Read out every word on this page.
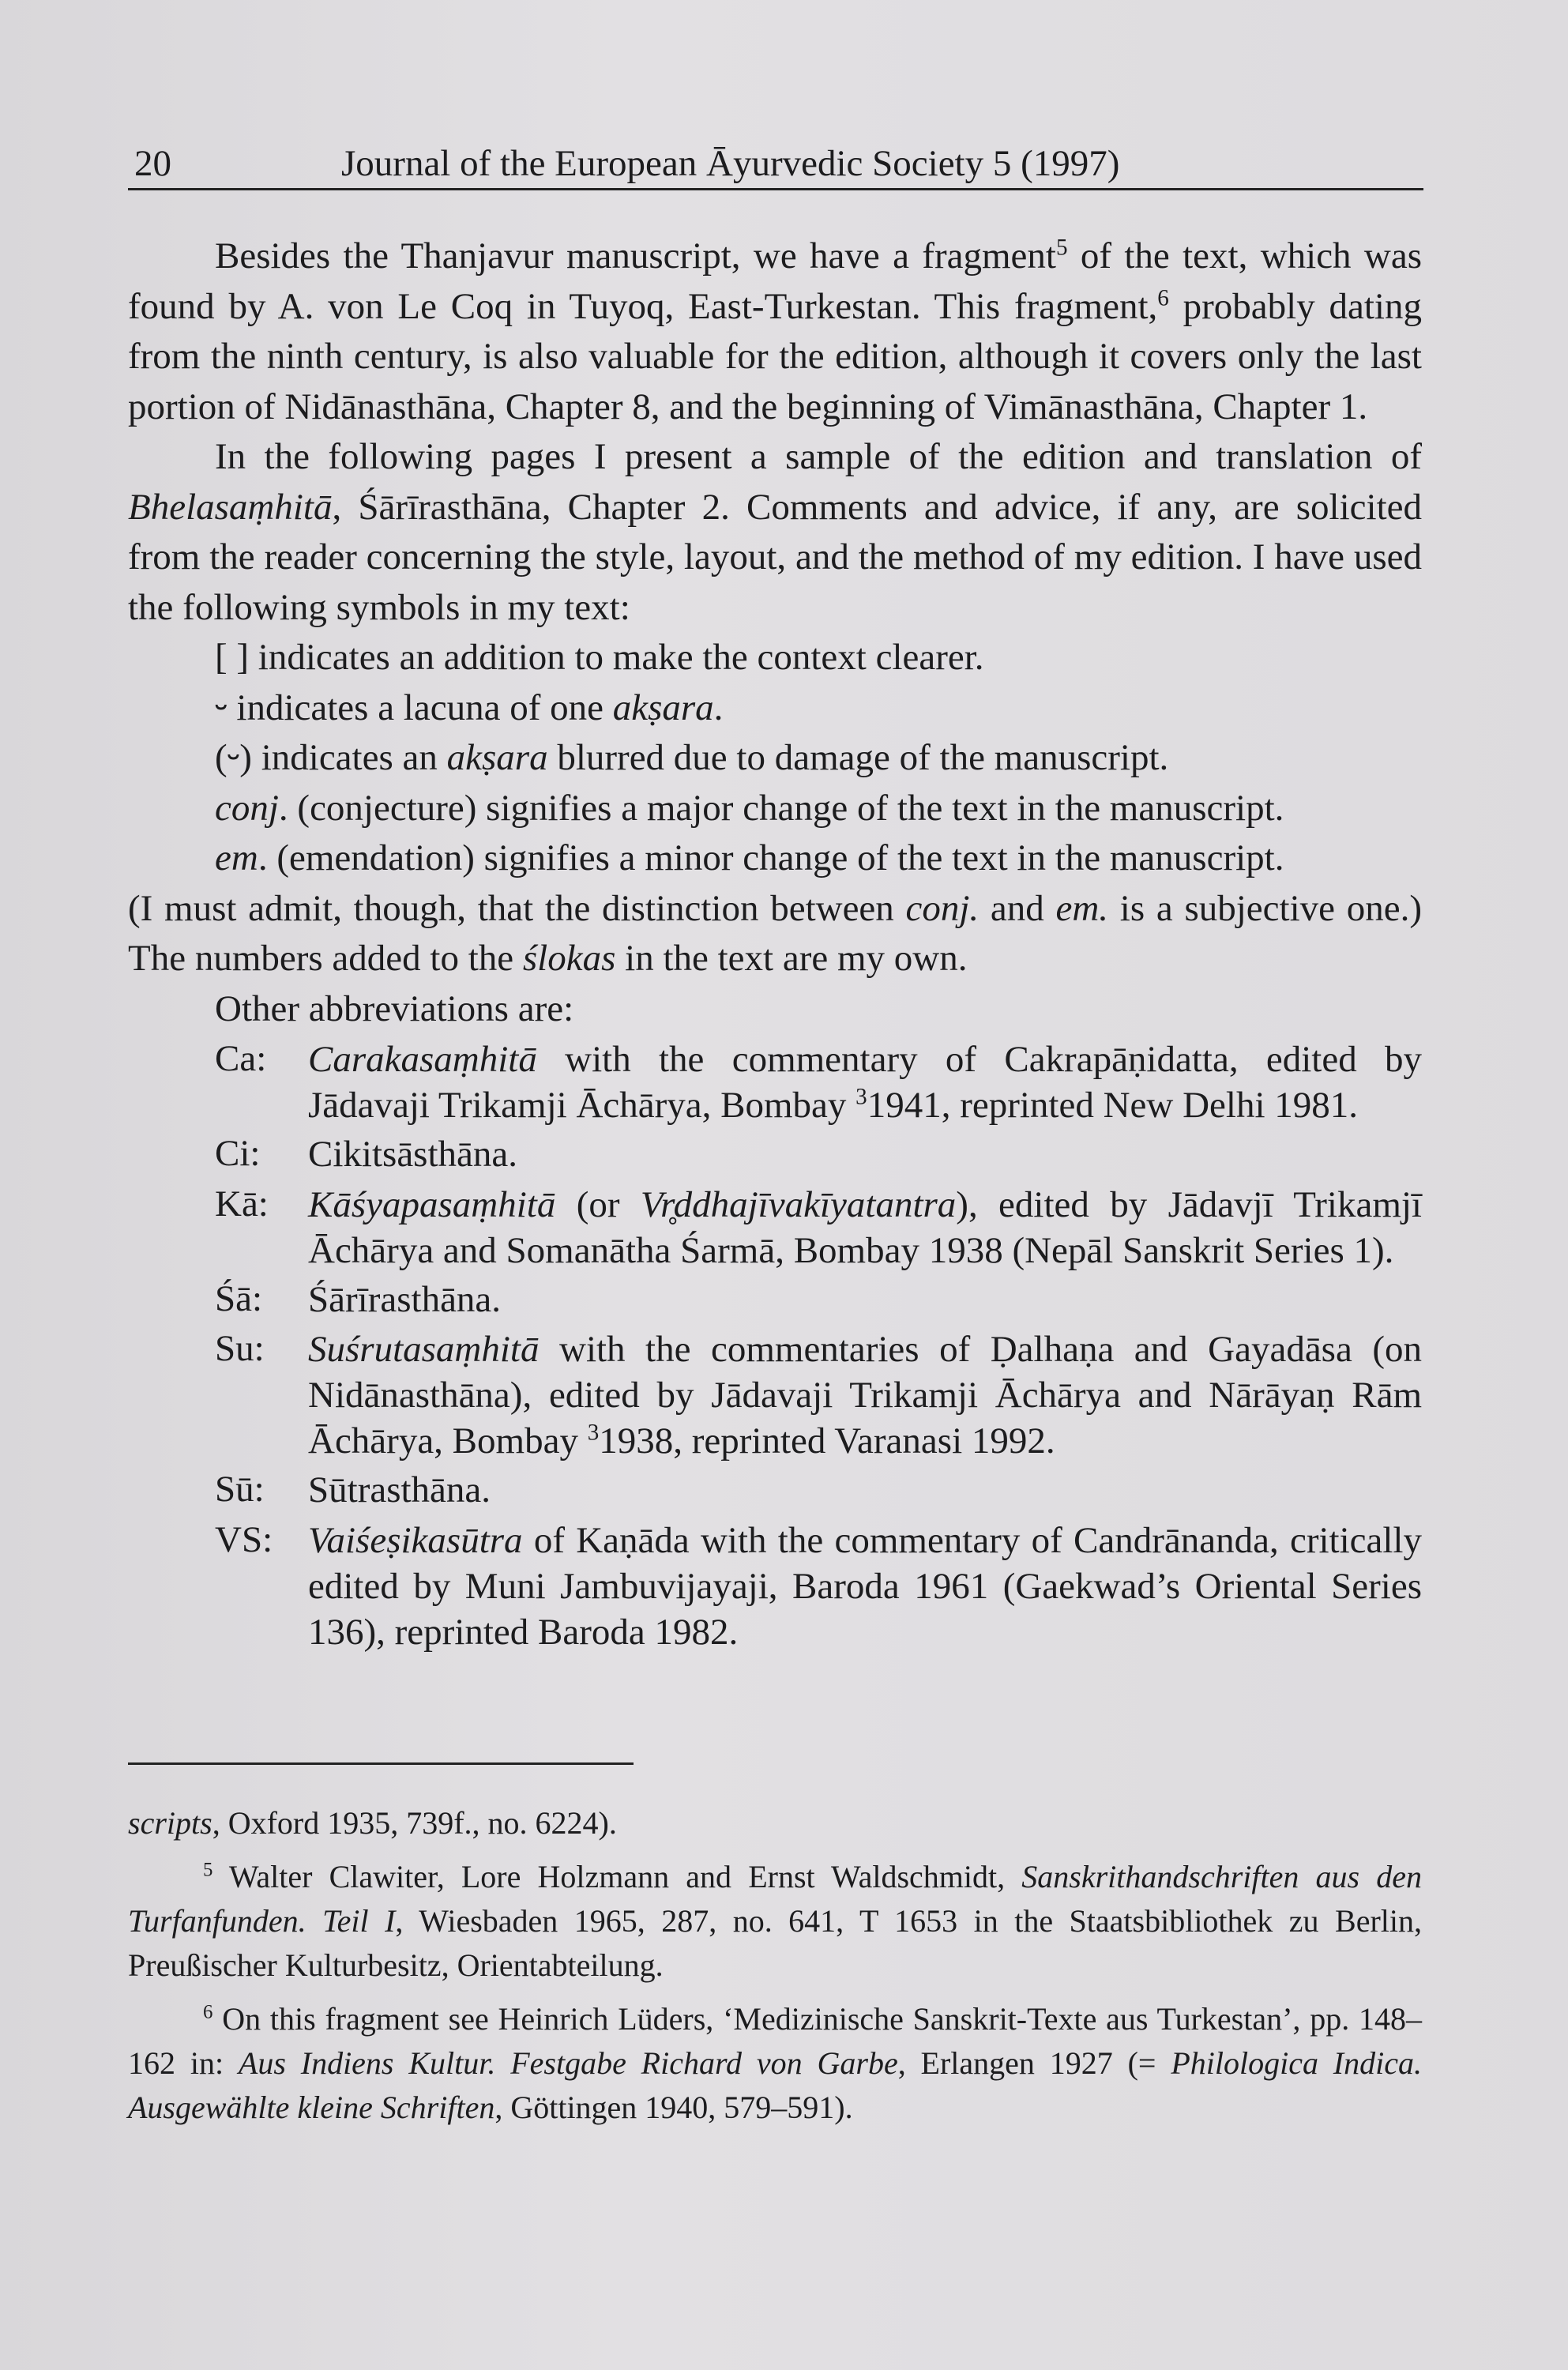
20	Journal of the European Āyurvedic Society 5 (1997)

Besides the Thanjavur manuscript, we have a fragment$^5$ of the text, which was found by A. von Le Coq in Tuyoq, East-Turkestan. This fragment,$^6$ probably dating from the ninth century, is also valuable for the edition, although it covers only the last portion of Nidānasthāna, Chapter 8, and the beginning of Vimānasthāna, Chapter 1.

In the following pages I present a sample of the edition and translation of Bhelasaṃhitā, Śārīrasthāna, Chapter 2. Comments and advice, if any, are solicited from the reader concerning the style, layout, and the method of my edition. I have used the following symbols in my text:

[ ] indicates an addition to make the context clearer.

⏑ indicates a lacuna of one akṣara.

(⏑) indicates an akṣara blurred due to damage of the manuscript.

conj. (conjecture) signifies a major change of the text in the manuscript.

em. (emendation) signifies a minor change of the text in the manuscript.

(I must admit, though, that the distinction between conj. and em. is a subjective one.) The numbers added to the ślokas in the text are my own.

Other abbreviations are:

Ca:	Carakasaṃhitā with the commentary of Cakrapāṇidatta, edited by Jādavaji Trikamji Āchārya, Bombay $^3$1941, reprinted New Delhi 1981.
Ci:	Cikitsāsthāna.
Kā:	Kāśyapasaṃhitā (or Vr̥ddhajīvakīyatantra), edited by Jādavjī Trikamjī Āchārya and Somanātha Śarmā, Bombay 1938 (Nepāl Sanskrit Series 1).
Śā:	Śārīrasthāna.
Su:	Suśrutasaṃhitā with the commentaries of Ḍalhaṇa and Gayadāsa (on Nidānasthāna), edited by Jādavaji Trikamji Āchārya and Nārāyaṇ Rām Āchārya, Bombay $^3$1938, reprinted Varanasi 1992.
Sū:	Sūtrasthāna.
VS: Vaiśeṣikasūtra of Kaṇāda with the commentary of Candrānanda, critically edited by Muni Jambuvijayaji, Baroda 1961 (Gaekwad’s Oriental Series 136), reprinted Baroda 1982.

scripts, Oxford 1935, 739f., no. 6224).

$^5$ Walter Clawiter, Lore Holzmann and Ernst Waldschmidt, Sanskrithandschriften aus den Turfanfunden. Teil I, Wiesbaden 1965, 287, no. 641, T 1653 in the Staatsbibliothek zu Berlin, Preußischer Kulturbesitz, Orientabteilung.

$^6$ On this fragment see Heinrich Lüders, ‘Medizinische Sanskrit-Texte aus Turkestan’, pp. 148–162 in: Aus Indiens Kultur. Festgabe Richard von Garbe, Erlangen 1927 (= Philologica Indica. Ausgewählte kleine Schriften, Göttingen 1940, 579–591).
